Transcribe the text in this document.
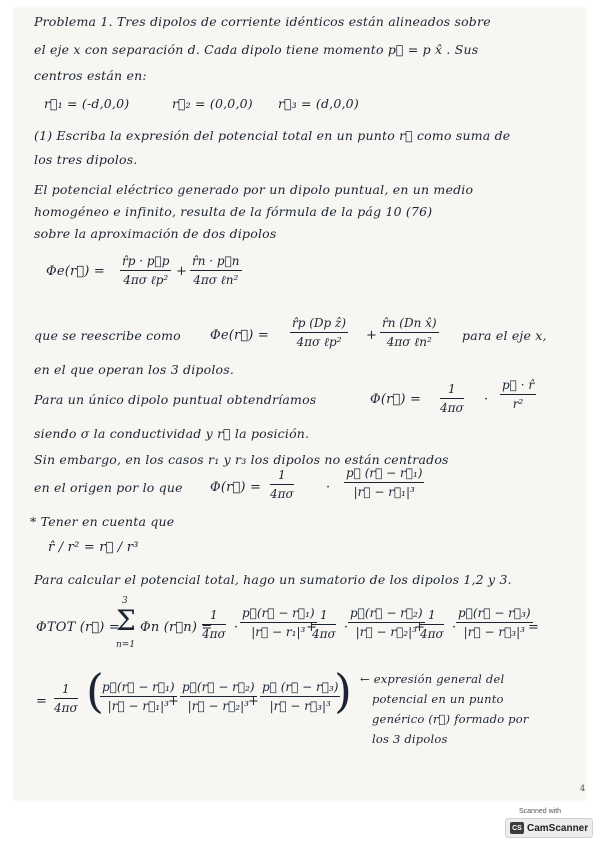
Problema 1. Tres dipolos de corriente idénticos están alineados sobre
el eje x con separación d. Cada dipolo tiene momento p⃗ = p x̂ . Sus
centros están en:
r⃗₁ = (-d,0,0)	r⃗₂ = (0,0,0) r⃗₃ = (d,0,0)
(1) Escriba la expresión del potencial total en un punto r⃗ como suma de
los tres dipolos.
El potencial eléctrico generado por un dipolo puntual, en un medio
homogéneo e infinito, resulta de la fórmula de la pág 10 (76)
sobre la aproximación de dos dipolos
Φe(r⃗) =
r̂p · p⃗p
4πσ ℓp²
+
r̂n · p⃗n
4πσ ℓn²
que se reescribe como Φe(r⃗) =
r̂p (Dp ẑ)
4πσ ℓp²	+
r̂n (Dn x̂)
4πσ ℓn²	para el eje x,
en el que operan los 3 dipolos.
Para un único dipolo puntual obtendríamos	Φ(r⃗) = $\frac{1}{4\pi\sigma} \cdot \frac{p⃗ \cdot r̂}{\text{r²}}$
siendo σ la conductividad y r⃗ la posición.
Sin embargo, en los casos r₁ y r₃ los dipolos no están centrados
en el origen por lo que Φ(r⃗) = $\frac{1}{4\pi\sigma} \cdot \frac{\text{p⃗ (r⃗ − r⃗₁)}}{\text{|r⃗ − r⃗₁|³}}$
* Tener en cuenta que
r̂ / r² = r⃗ / r³
Para calcular el potencial total, hago un sumatorio de los dipolos 1,2 y 3.
ΦTOT (r⃗) =
3
Σ
n=1
Φn (r⃗n) =
$\frac{1}{4\pi\sigma} \cdot \frac{\text{p⃗(r⃗ − r⃗₁)}}{\text{|r⃗ − r₁|³}}$
+
$\frac{1}{4\pi\sigma} \cdot \frac{\text{p⃗(r⃗ − r⃗₂)}}{\text{|r⃗ − r⃗₂|³}}$
+
$\frac{1}{4\pi\sigma} \cdot \frac{\text{p⃗(r⃗ − r⃗₃)}}{\text{|r⃗ − r⃗₃|³}}$
=
= $\frac{1}{4\pi\sigma}$ (
$\frac{\text{p⃗(r⃗ − r⃗₁)}}{\text{|r⃗ − r⃗₁|³}}$
+ $\frac{\text{p⃗(r⃗ − r⃗₂)}}{\text{|r⃗ − r⃗₂|³}}$
+ $\frac{\text{p⃗ (r⃗ − r⃗₃)}}{\text{|r⃗ − r⃗₃|³}}$
) ← expresión general del
potencial en un punto
genérico (r⃗) formado por
los 3 dipolos
4
Scanned with
CS CamScanner
